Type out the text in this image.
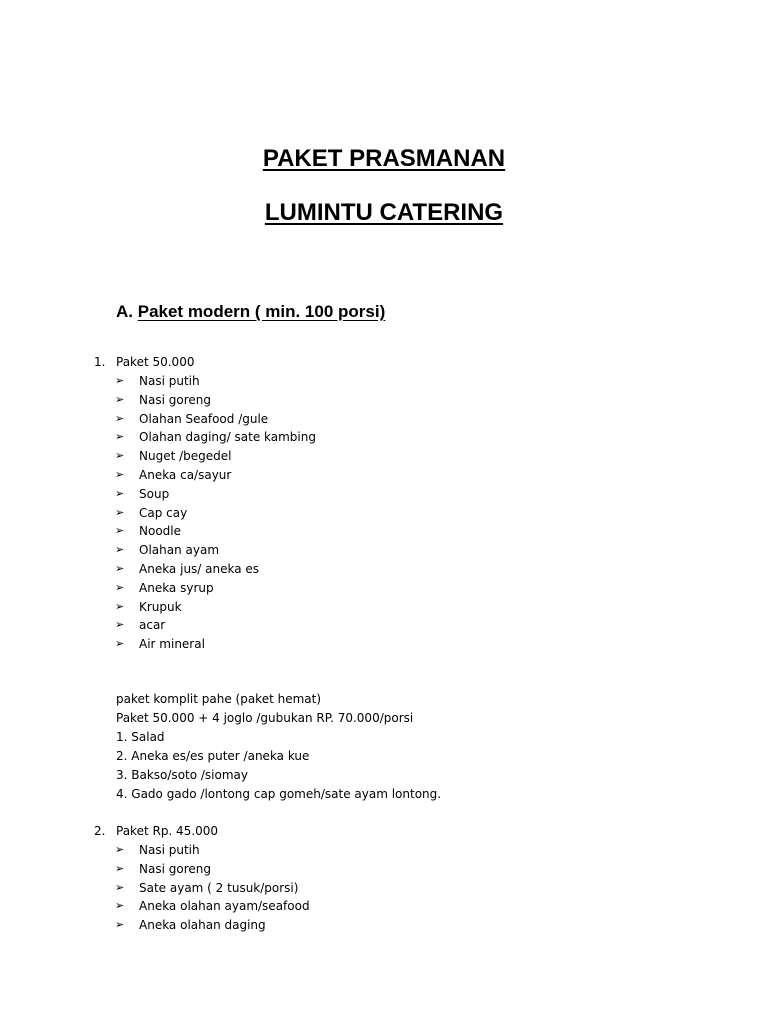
PAKET PRASMANAN
LUMINTU CATERING
A. Paket modern ( min. 100 porsi)
1. Paket 50.000
➢ Nasi putih
➢ Nasi goreng
➢ Olahan Seafood /gule
➢ Olahan daging/ sate kambing
➢ Nuget /begedel
➢ Aneka ca/sayur
➢ Soup
➢ Cap cay
➢ Noodle
➢ Olahan ayam
➢ Aneka jus/ aneka es
➢ Aneka syrup
➢ Krupuk
➢ acar
➢ Air mineral
paket komplit pahe (paket hemat)
Paket 50.000 + 4 joglo /gubukan RP. 70.000/porsi
1. Salad
2. Aneka es/es puter /aneka kue
3. Bakso/soto /siomay
4. Gado gado /lontong cap gomeh/sate ayam lontong.
2. Paket Rp. 45.000
➢ Nasi putih
➢ Nasi goreng
➢ Sate ayam ( 2 tusuk/porsi)
➢ Aneka olahan ayam/seafood
➢ Aneka olahan daging
